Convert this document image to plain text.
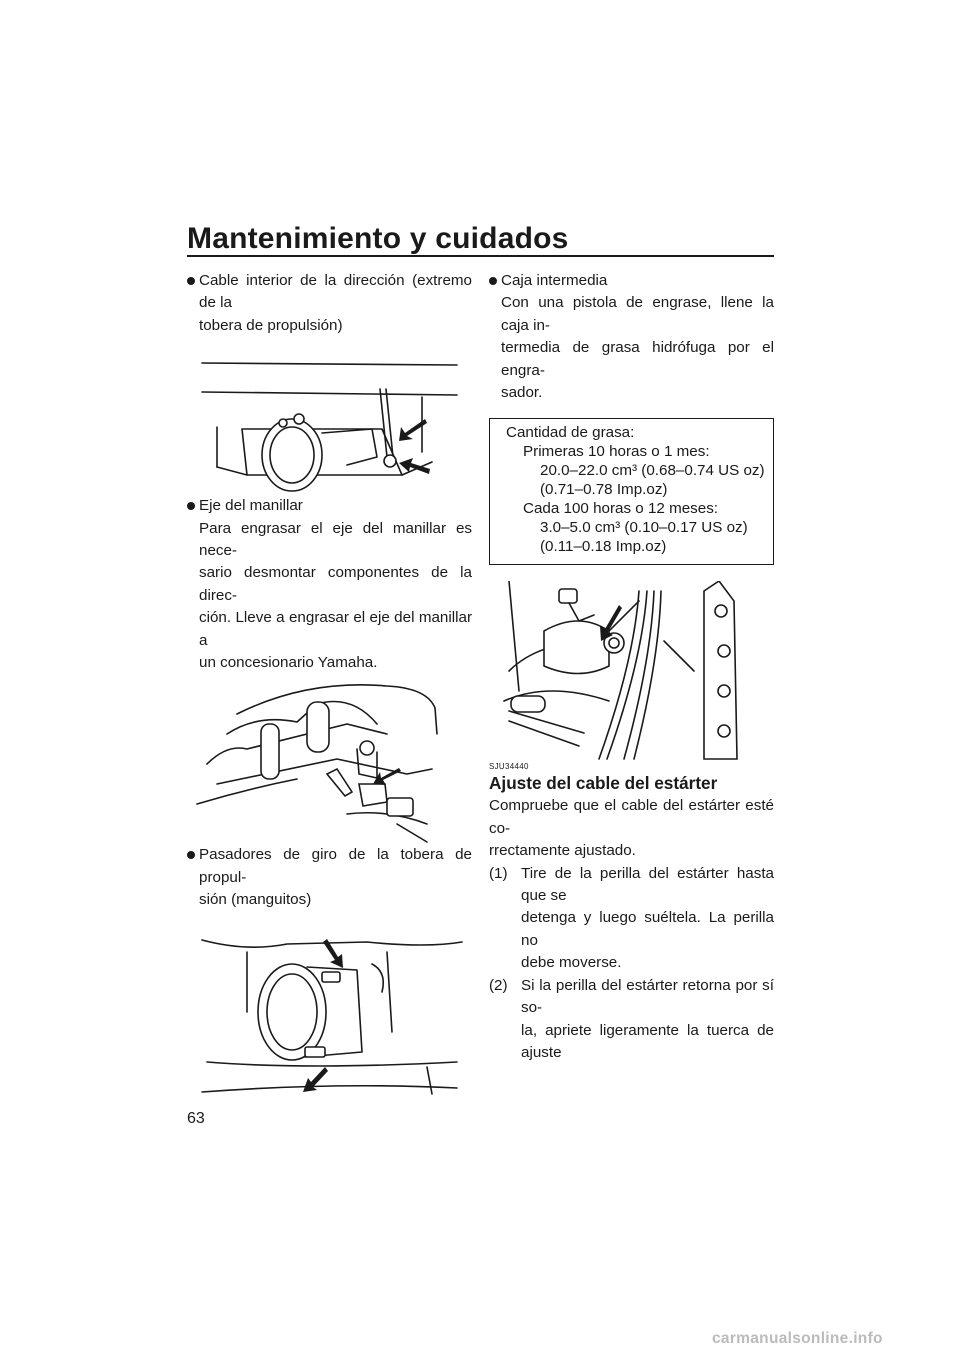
Mantenimiento y cuidados
Cable interior de la dirección (extremo de la
tobera de propulsión)
Eje del manillar
Para engrasar el eje del manillar es nece-
sario desmontar componentes de la direc-
ción. Lleve a engrasar el eje del manillar a
un concesionario Yamaha.
Pasadores de giro de la tobera de propul-
sión (manguitos)
Caja intermedia
Con una pistola de engrase, llene la caja in-
termedia de grasa hidrófuga por el engra-
sador.
Cantidad de grasa:
Primeras 10 horas o 1 mes:
20.0–22.0 cm³ (0.68–0.74 US oz)
(0.71–0.78 Imp.oz)
Cada 100 horas o 12 meses:
3.0–5.0 cm³ (0.10–0.17 US oz)
(0.11–0.18 Imp.oz)
SJU34440
Ajuste del cable del estárter
Compruebe que el cable del estárter esté co-
rrectamente ajustado.
(1) Tire de la perilla del estárter hasta que se
detenga y luego suéltela. La perilla no
debe moverse.
(2) Si la perilla del estárter retorna por sí so-
la, apriete ligeramente la tuerca de ajuste
63
carmanualsonline.info
